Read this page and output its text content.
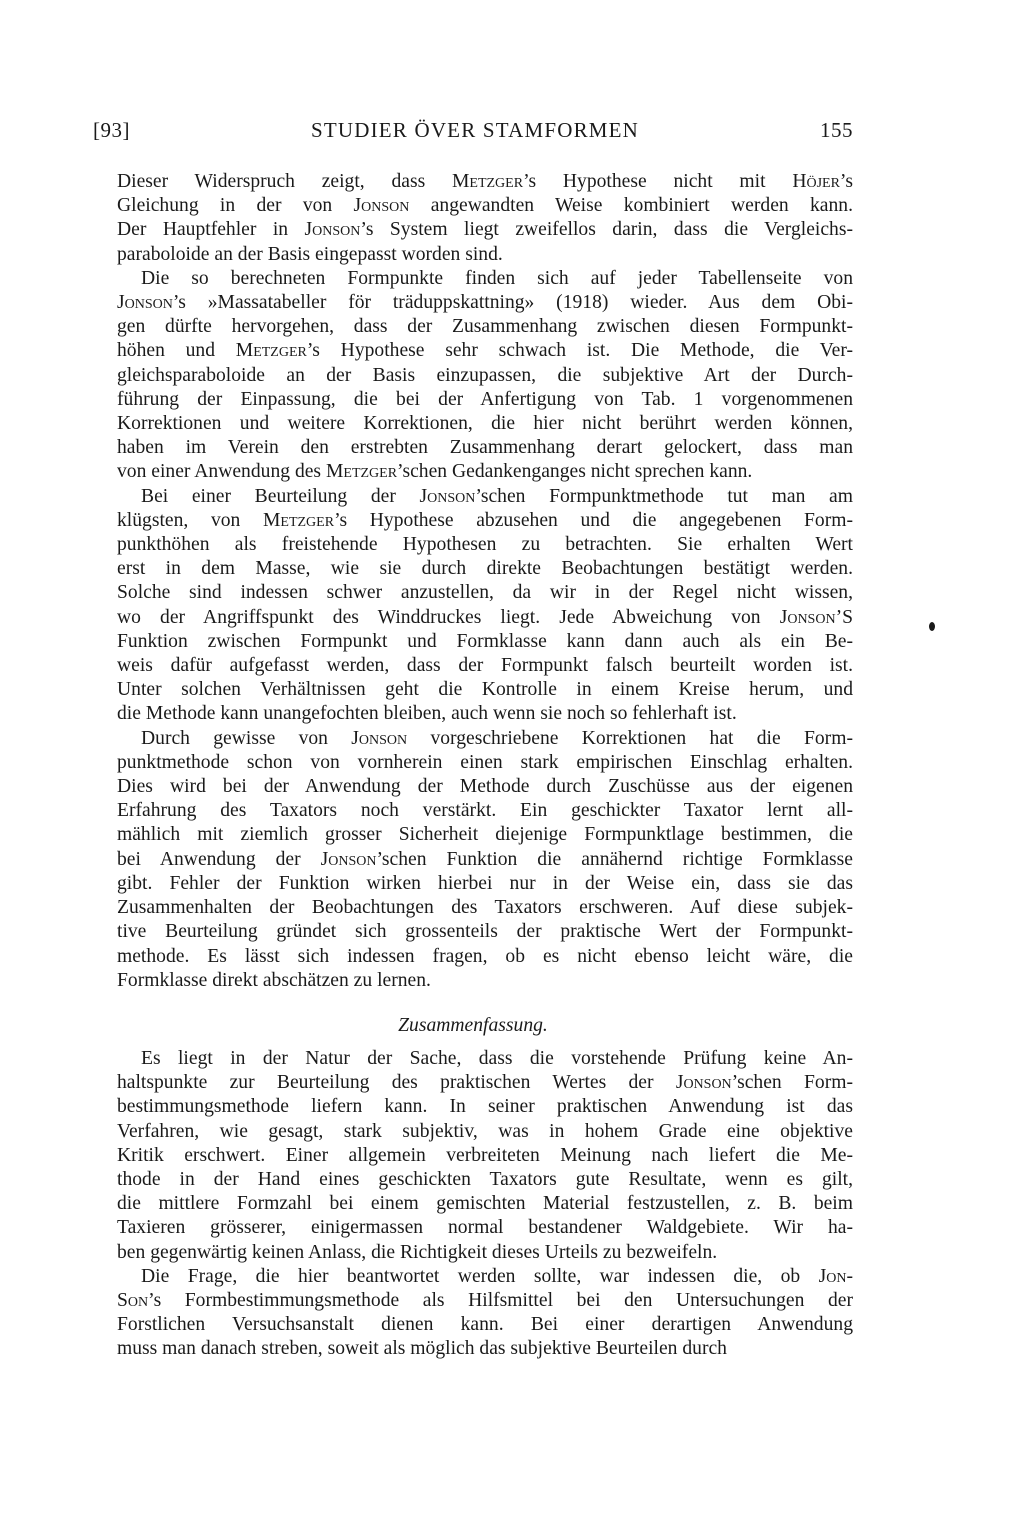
[93]	STUDIER ÖVER STAMFORMEN	155
Dieser Widerspruch zeigt, dass Metzger’s Hypothese nicht mit Höjer’s
Gleichung in der von Jonson angewandten Weise kombiniert werden kann.
Der Hauptfehler in Jonson’s System liegt zweifellos darin, dass die Vergleichs-
paraboloide an der Basis eingepasst worden sind.
Die so berechneten Formpunkte finden sich auf jeder Tabellenseite von
Jonson’s »Massatabeller för träduppskattning» (1918) wieder. Aus dem Obi-
gen dürfte hervorgehen, dass der Zusammenhang zwischen diesen Formpunkt-
höhen und Metzger’s Hypothese sehr schwach ist. Die Methode, die Ver-
gleichsparaboloide an der Basis einzupassen, die subjektive Art der Durch-
führung der Einpassung, die bei der Anfertigung von Tab. 1 vorgenommenen
Korrektionen und weitere Korrektionen, die hier nicht berührt werden können,
haben im Verein den erstrebten Zusammenhang derart gelockert, dass man
von einer Anwendung des Metzger’schen Gedankenganges nicht sprechen kann.
Bei einer Beurteilung der Jonson’schen Formpunktmethode tut man am
klügsten, von Metzger’s Hypothese abzusehen und die angegebenen Form-
punkthöhen als freistehende Hypothesen zu betrachten. Sie erhalten Wert
erst in dem Masse, wie sie durch direkte Beobachtungen bestätigt werden.
Solche sind indessen schwer anzustellen, da wir in der Regel nicht wissen,
wo der Angriffspunkt des Winddruckes liegt. Jede Abweichung von Jonson’S
Funktion zwischen Formpunkt und Formklasse kann dann auch als ein Be-
weis dafür aufgefasst werden, dass der Formpunkt falsch beurteilt worden ist.
Unter solchen Verhältnissen geht die Kontrolle in einem Kreise herum, und
die Methode kann unangefochten bleiben, auch wenn sie noch so fehlerhaft ist.
Durch gewisse von Jonson vorgeschriebene Korrektionen hat die Form-
punktmethode schon von vornherein einen stark empirischen Einschlag erhalten.
Dies wird bei der Anwendung der Methode durch Zuschüsse aus der eigenen
Erfahrung des Taxators noch verstärkt. Ein geschickter Taxator lernt all-
mählich mit ziemlich grosser Sicherheit diejenige Formpunktlage bestimmen, die
bei Anwendung der Jonson’schen Funktion die annähernd richtige Formklasse
gibt. Fehler der Funktion wirken hierbei nur in der Weise ein, dass sie das
Zusammenhalten der Beobachtungen des Taxators erschweren. Auf diese subjek-
tive Beurteilung gründet sich grossenteils der praktische Wert der Formpunkt-
methode. Es lässt sich indessen fragen, ob es nicht ebenso leicht wäre, die
Formklasse direkt abschätzen zu lernen.
Zusammenfassung.
Es liegt in der Natur der Sache, dass die vorstehende Prüfung keine An-
haltspunkte zur Beurteilung des praktischen Wertes der Jonson’schen Form-
bestimmungsmethode liefern kann. In seiner praktischen Anwendung ist das
Verfahren, wie gesagt, stark subjektiv, was in hohem Grade eine objektive
Kritik erschwert. Einer allgemein verbreiteten Meinung nach liefert die Me-
thode in der Hand eines geschickten Taxators gute Resultate, wenn es gilt,
die mittlere Formzahl bei einem gemischten Material festzustellen, z. B. beim
Taxieren grösserer, einigermassen normal bestandener Waldgebiete. Wir ha-
ben gegenwärtig keinen Anlass, die Richtigkeit dieses Urteils zu bezweifeln.
Die Frage, die hier beantwortet werden sollte, war indessen die, ob Jon-
Son’s Formbestimmungsmethode als Hilfsmittel bei den Untersuchungen der
Forstlichen Versuchsanstalt dienen kann. Bei einer derartigen Anwendung
muss man danach streben, soweit als möglich das subjektive Beurteilen durch
